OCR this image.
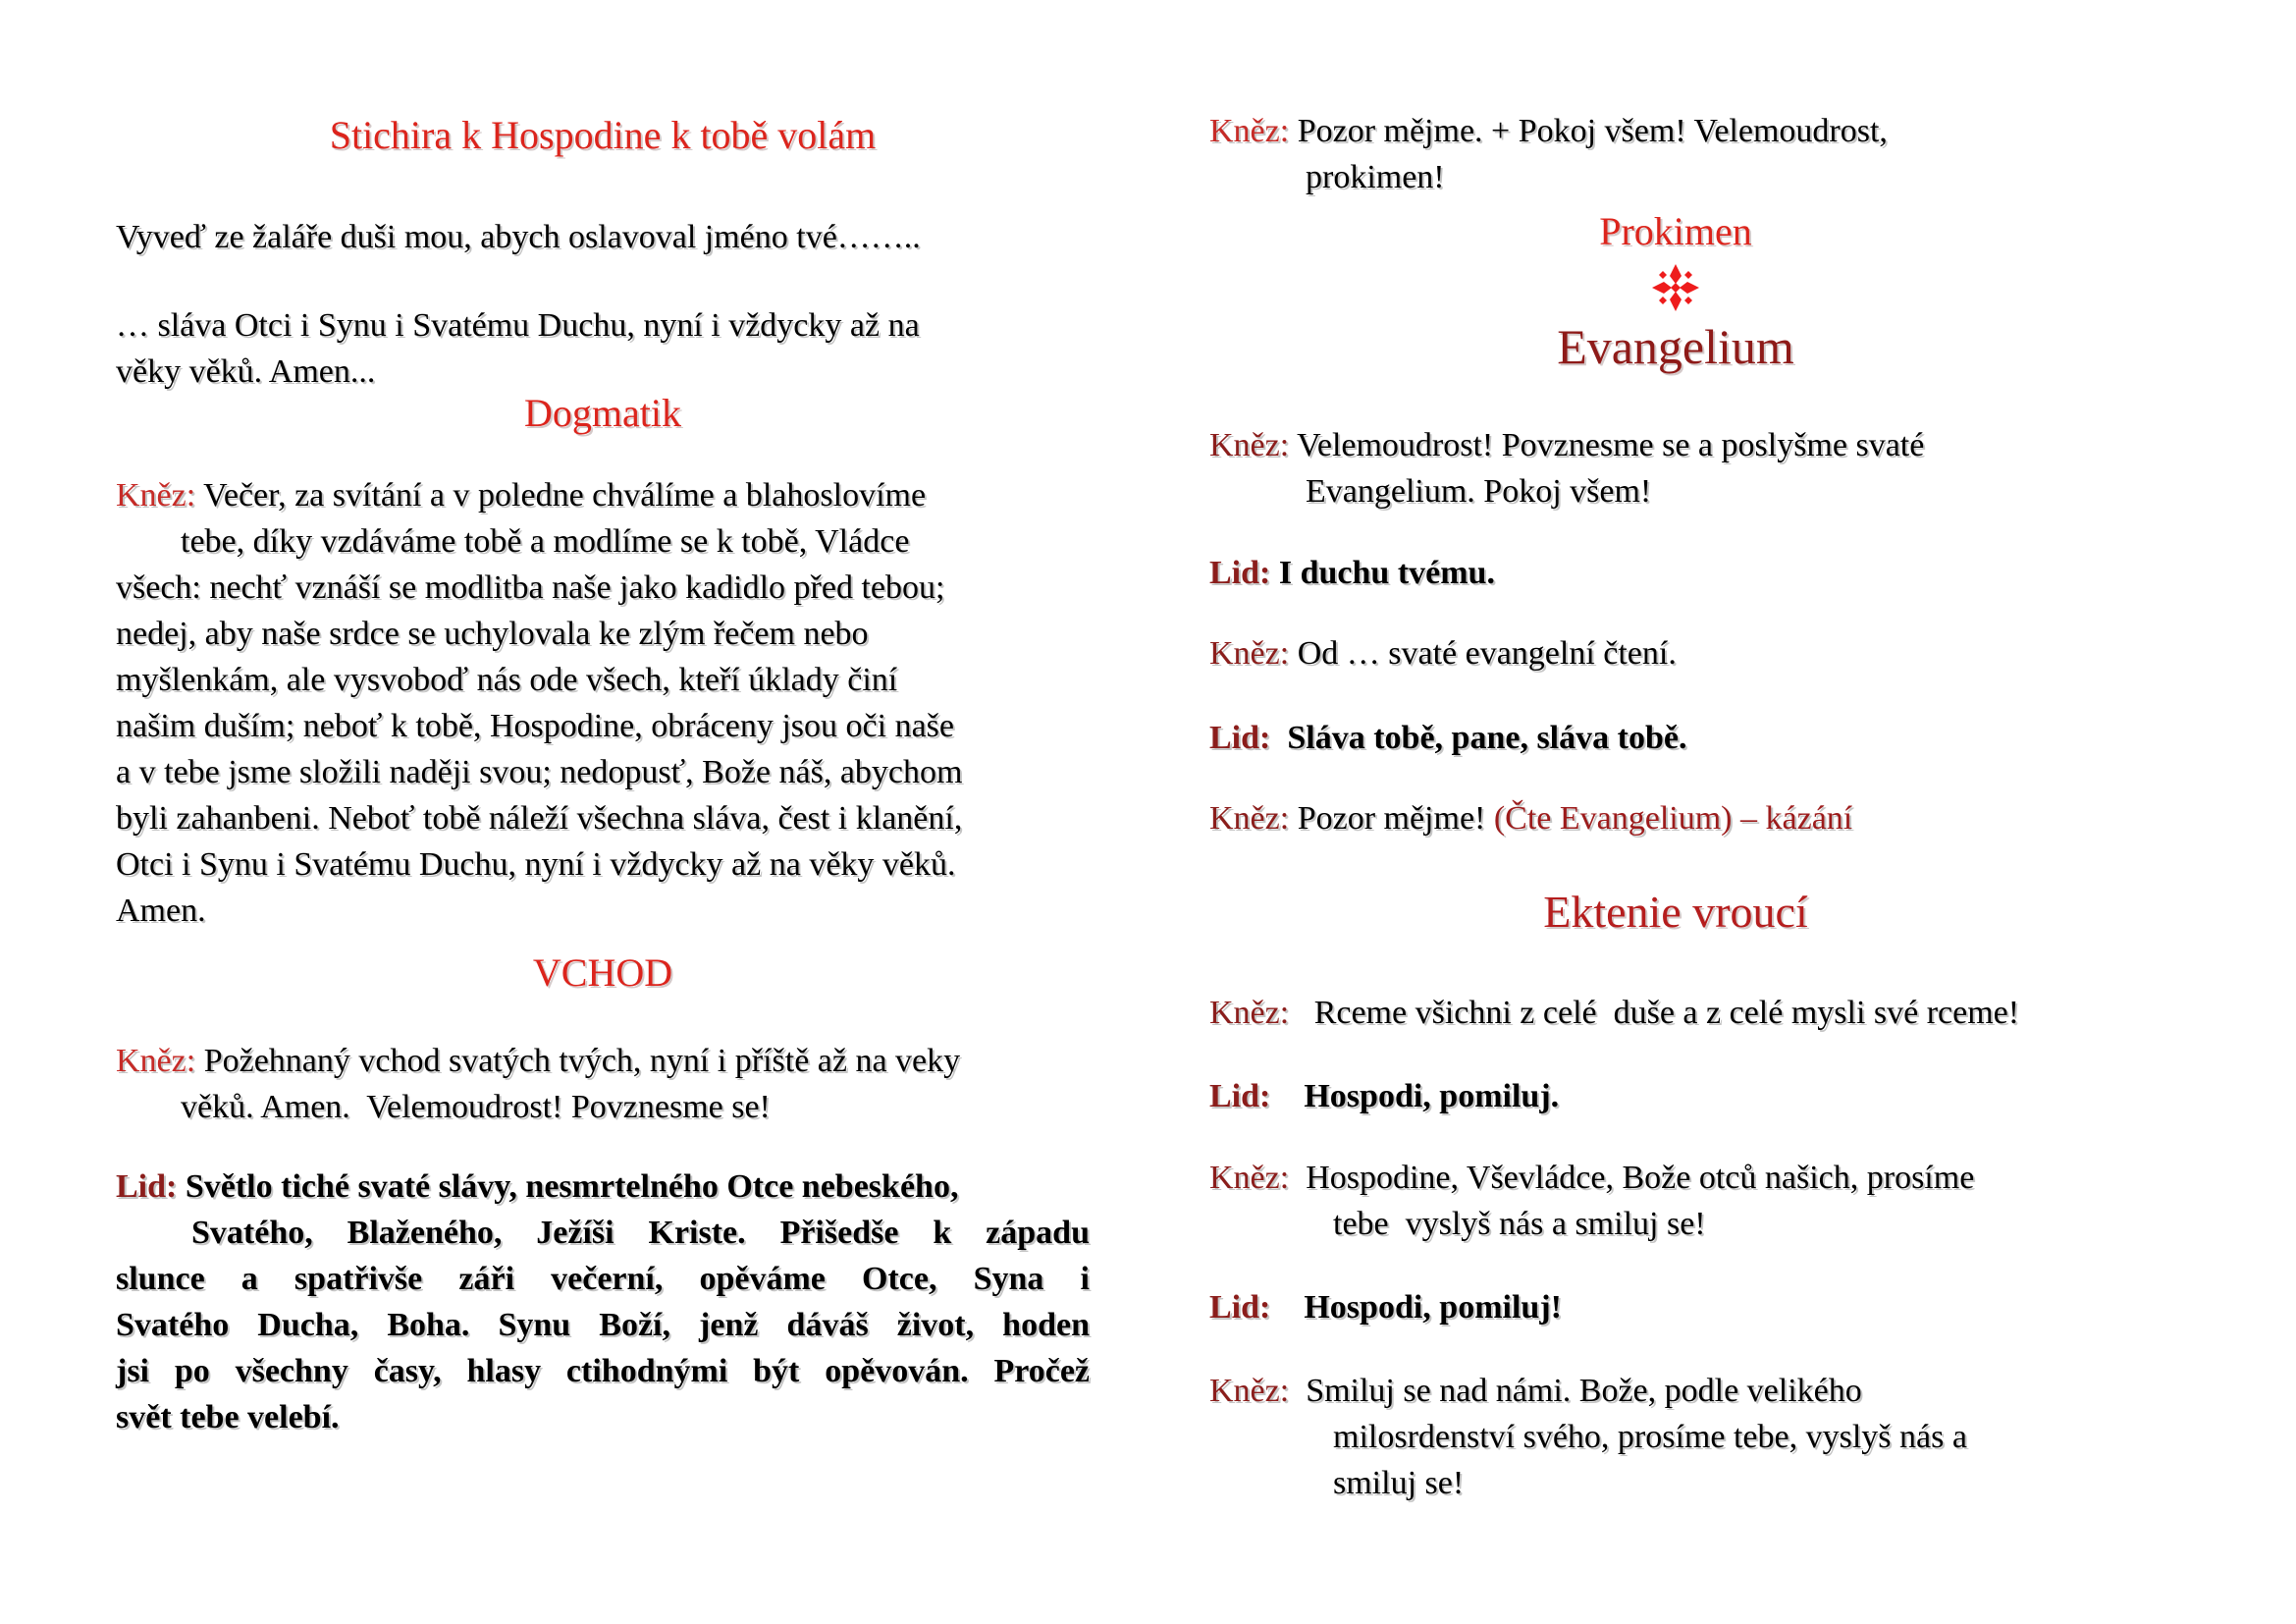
Stichira k Hospodine k tobě volám
Vyveď ze žaláře duši mou, abych oslavoval jméno tvé……..
… sláva Otci i Synu i Svatému Duchu, nyní i vždycky až na
věky věků. Amen...
Dogmatik
Kněz: Večer, za svítání a v poledne chválíme a blahoslovíme
tebe, díky vzdáváme tobě a modlíme se k tobě, Vládce
všech: nechť vznáší se modlitba naše jako kadidlo před tebou;
nedej, aby naše srdce se uchylovala ke zlým řečem nebo
myšlenkám, ale vysvoboď nás ode všech, kteří úklady činí
našim duším; neboť k tobě, Hospodine, obráceny jsou oči naše
a v tebe jsme složili naději svou; nedopusť, Bože náš, abychom
byli zahanbeni. Neboť tobě náleží všechna sláva, čest i klanění,
Otci i Synu i Svatému Duchu, nyní i vždycky až na věky věků.
Amen.
VCHOD
Kněz: Požehnaný vchod svatých tvých, nyní i příště až na veky
věků. Amen.  Velemoudrost! Povznesme se!
Lid: Světlo tiché svaté slávy, nesmrtelného Otce nebeského,
Svatého, Blaženého, Ježíši Kriste. Přišedše k západu
slunce a spatřivše záři večerní, opěváme Otce, Syna i
Svatého Ducha, Boha. Synu Boží, jenž dáváš život, hoden
jsi po všechny časy, hlasy ctihodnými být opěvován. Pročež
svět tebe velebí.
Kněz: Pozor mějme. + Pokoj všem! Velemoudrost,
prokimen!
Prokimen
Evangelium
Kněz: Velemoudrost! Povznesme se a poslyšme svaté
Evangelium. Pokoj všem!
Lid: I duchu tvému.
Kněz: Od … svaté evangelní čtení.
Lid:  Sláva tobě, pane, sláva tobě.
Kněz: Pozor mějme! (Čte Evangelium) – kázání
Ektenie vroucí
Kněz:   Rceme všichni z celé  duše a z celé mysli své rceme!
Lid:    Hospodi, pomiluj.
Kněz:  Hospodine, Vševládce, Bože otců našich, prosíme
tebe  vyslyš nás a smiluj se!
Lid:    Hospodi, pomiluj!
Kněz:  Smiluj se nad námi. Bože, podle velikého
milosrdenství svého, prosíme tebe, vyslyš nás a
smiluj se!
